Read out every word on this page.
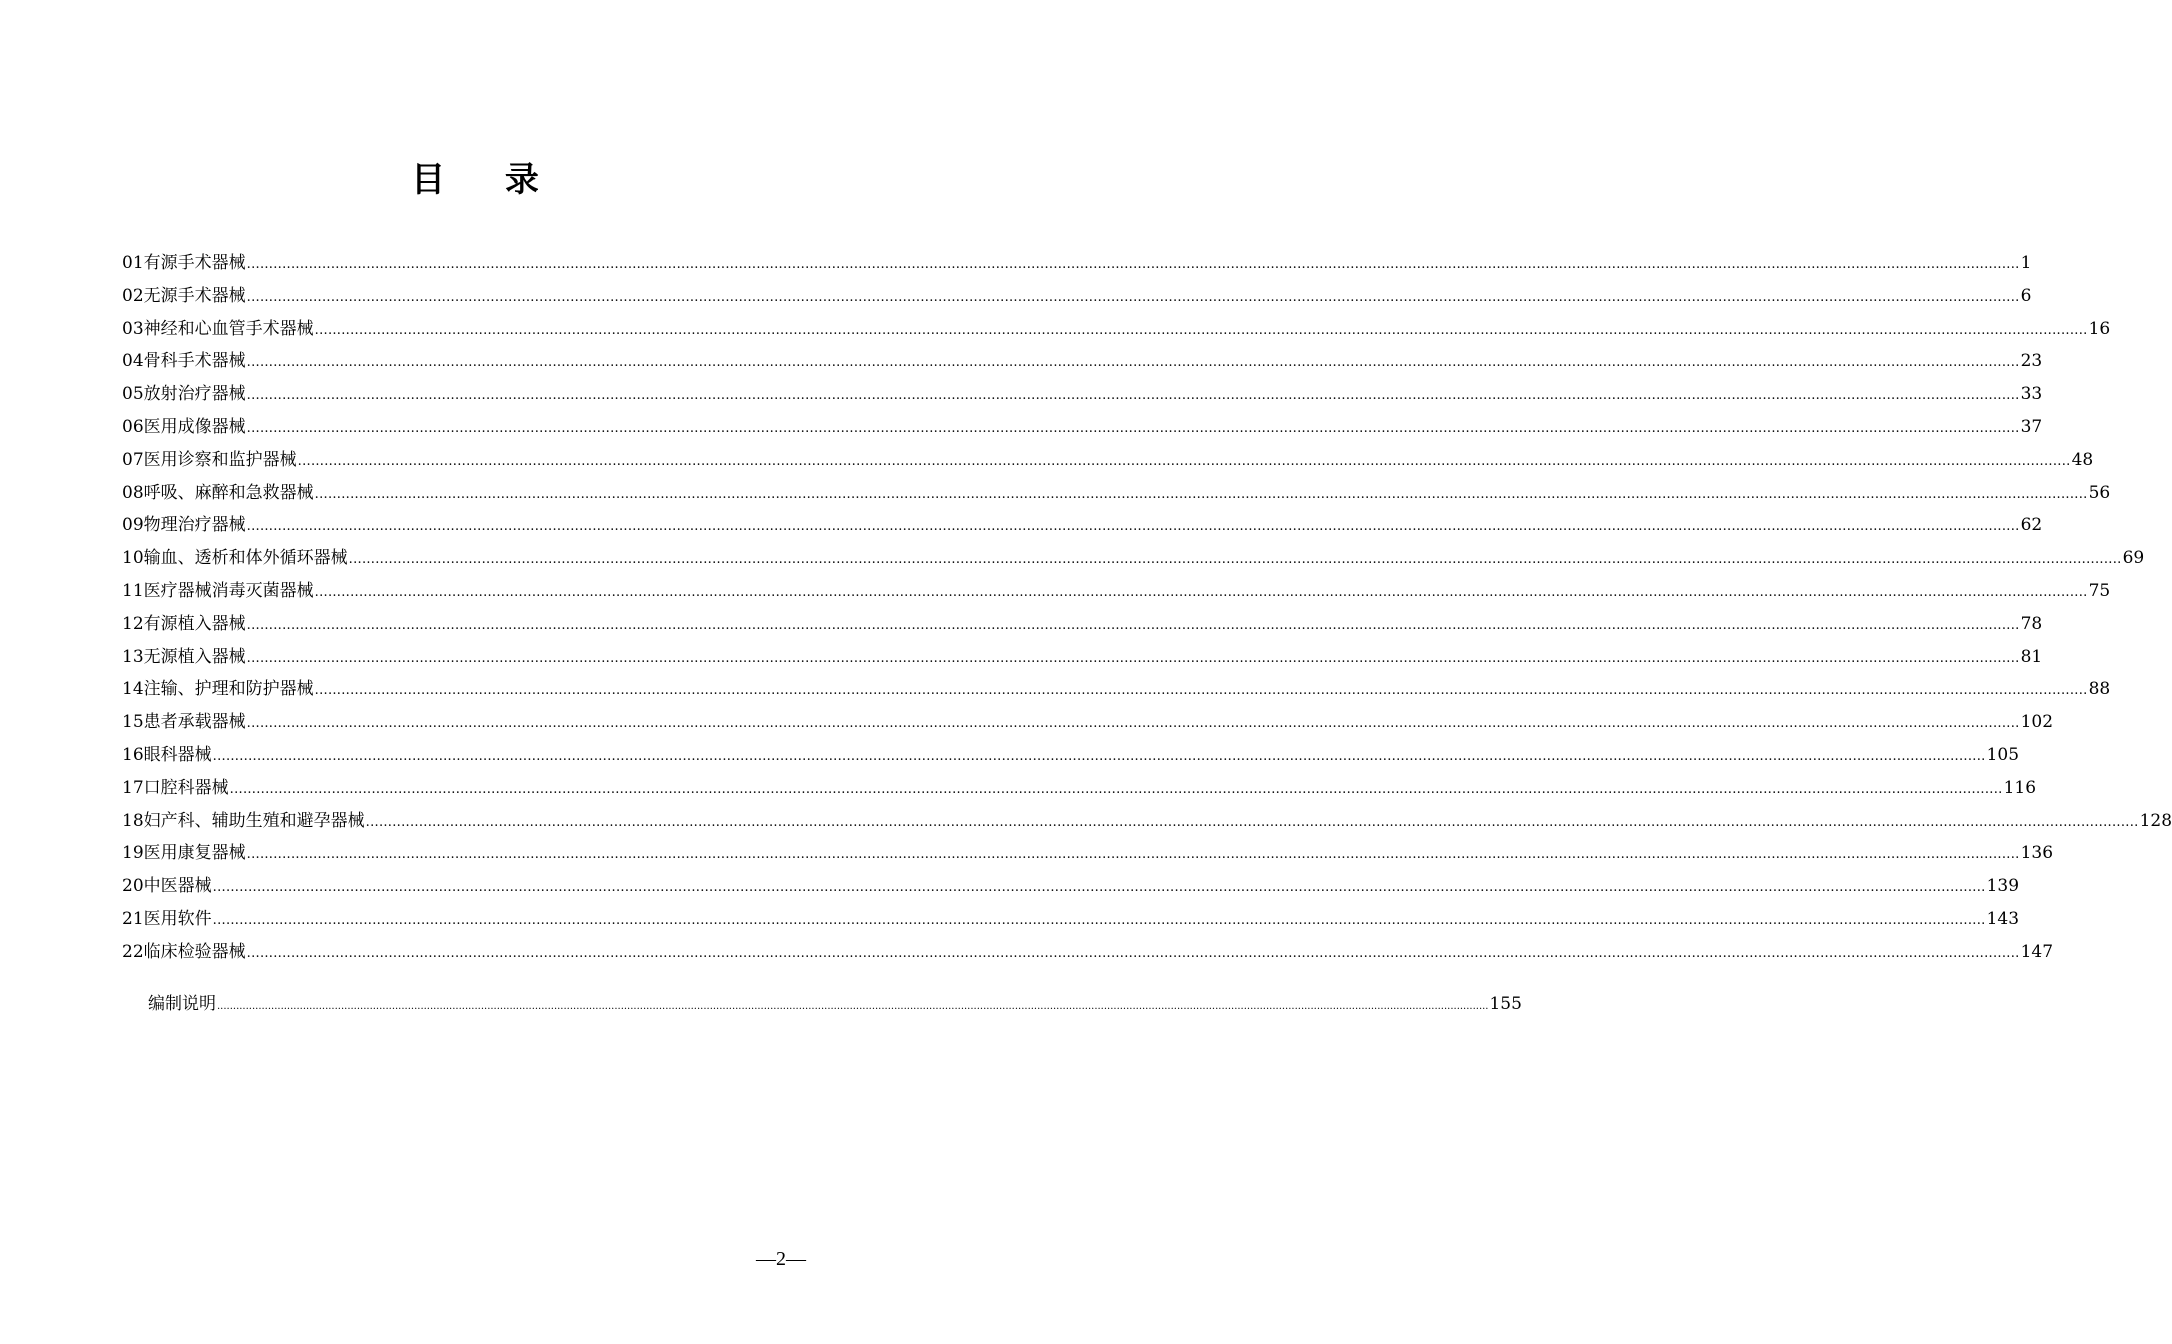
目 录
01 有源手术器械 ................................................................................................................................................................................................................................................................................................................................................................................................................ 1
02 无源手术器械 ................................................................................................................................................................................................................................................................................................................................................................................................................ 6
03 神经和心血管手术器械 ................................................................................................................................................................................................................................................................................................................................................................................................................ 16
04 骨科手术器械 ................................................................................................................................................................................................................................................................................................................................................................................................................ 23
05 放射治疗器械 ................................................................................................................................................................................................................................................................................................................................................................................................................ 33
06 医用成像器械 ................................................................................................................................................................................................................................................................................................................................................................................................................ 37
07 医用诊察和监护器械 ................................................................................................................................................................................................................................................................................................................................................................................................................ 48
08 呼吸、麻醉和急救器械 ................................................................................................................................................................................................................................................................................................................................................................................................................ 56
09 物理治疗器械 ................................................................................................................................................................................................................................................................................................................................................................................................................ 62
10 输血、透析和体外循环器械 ................................................................................................................................................................................................................................................................................................................................................................................................................ 69
11 医疗器械消毒灭菌器械 ................................................................................................................................................................................................................................................................................................................................................................................................................ 75
12 有源植入器械 ................................................................................................................................................................................................................................................................................................................................................................................................................ 78
13 无源植入器械 ................................................................................................................................................................................................................................................................................................................................................................................................................ 81
14 注输、护理和防护器械 ................................................................................................................................................................................................................................................................................................................................................................................................................ 88
15 患者承载器械 ................................................................................................................................................................................................................................................................................................................................................................................................................ 102
16 眼科器械 ................................................................................................................................................................................................................................................................................................................................................................................................................ 105
17 口腔科器械 ................................................................................................................................................................................................................................................................................................................................................................................................................ 116
18 妇产科、辅助生殖和避孕器械 ................................................................................................................................................................................................................................................................................................................................................................................................................ 128
19 医用康复器械 ................................................................................................................................................................................................................................................................................................................................................................................................................ 136
20 中医器械 ................................................................................................................................................................................................................................................................................................................................................................................................................ 139
21 医用软件 ................................................................................................................................................................................................................................................................................................................................................................................................................ 143
22 临床检验器械 ................................................................................................................................................................................................................................................................................................................................................................................................................ 147
编制说明 ................................................................................................................................................................................................................................................................................................................................................................................................................ 155
—2—
